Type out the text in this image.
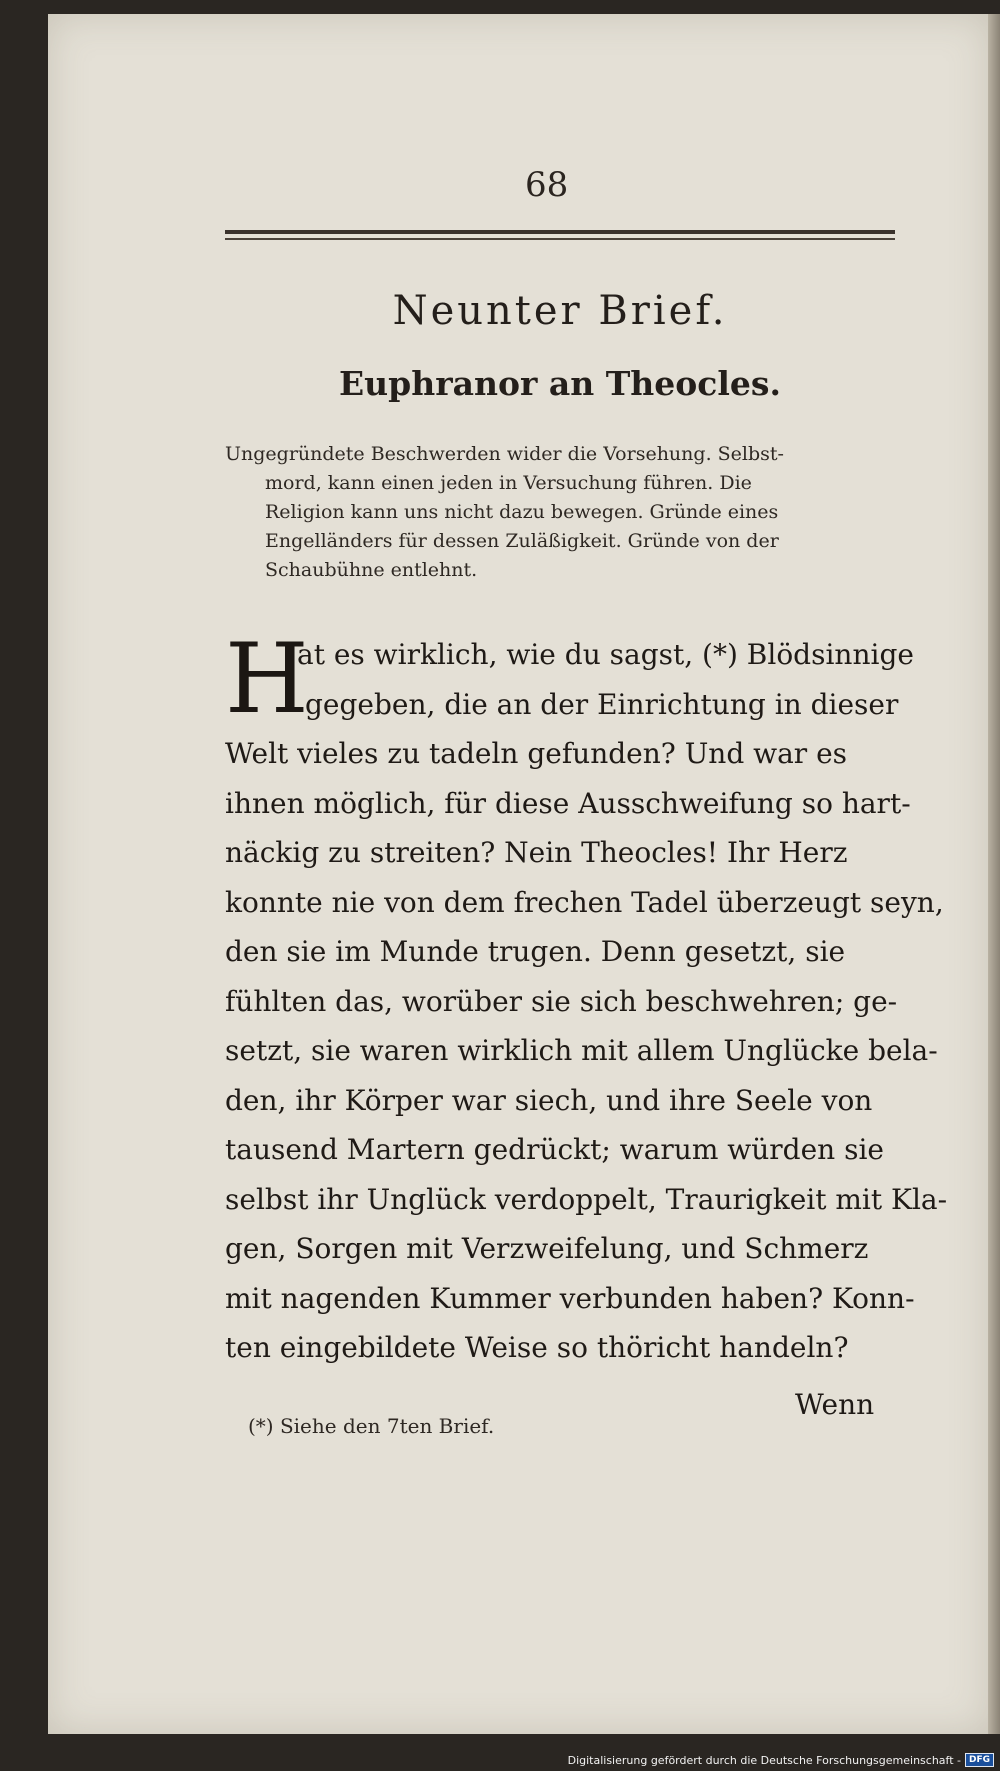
68
Neunter Brief.
Euphranor an Theocles.
Ungegründete Beschwerden wider die Vorsehung. Selbst-
mord, kann einen jeden in Versuchung führen. Die
Religion kann uns nicht dazu bewegen. Gründe eines
Engelländers für dessen Zuläßigkeit. Gründe von der
Schaubühne entlehnt.
H
at es wirklich, wie du sagst, (*) Blödsinnige
gegeben, die an der Einrichtung in dieser
Welt vieles zu tadeln gefunden? Und war es
ihnen möglich, für diese Ausschweifung so hart-
näckig zu streiten? Nein Theocles! Ihr Herz
konnte nie von dem frechen Tadel überzeugt seyn,
den sie im Munde trugen. Denn gesetzt, sie
fühlten das, worüber sie sich beschwehren; ge-
setzt, sie waren wirklich mit allem Unglücke bela-
den, ihr Körper war siech, und ihre Seele von
tausend Martern gedrückt; warum würden sie
selbst ihr Unglück verdoppelt, Traurigkeit mit Kla-
gen, Sorgen mit Verzweifelung, und Schmerz
mit nagenden Kummer verbunden haben? Konn-
ten eingebildete Weise so thöricht handeln?
Wenn
(*) Siehe den 7ten Brief.
Digitalisierung gefördert durch die Deutsche Forschungsgemeinschaft - DFG
